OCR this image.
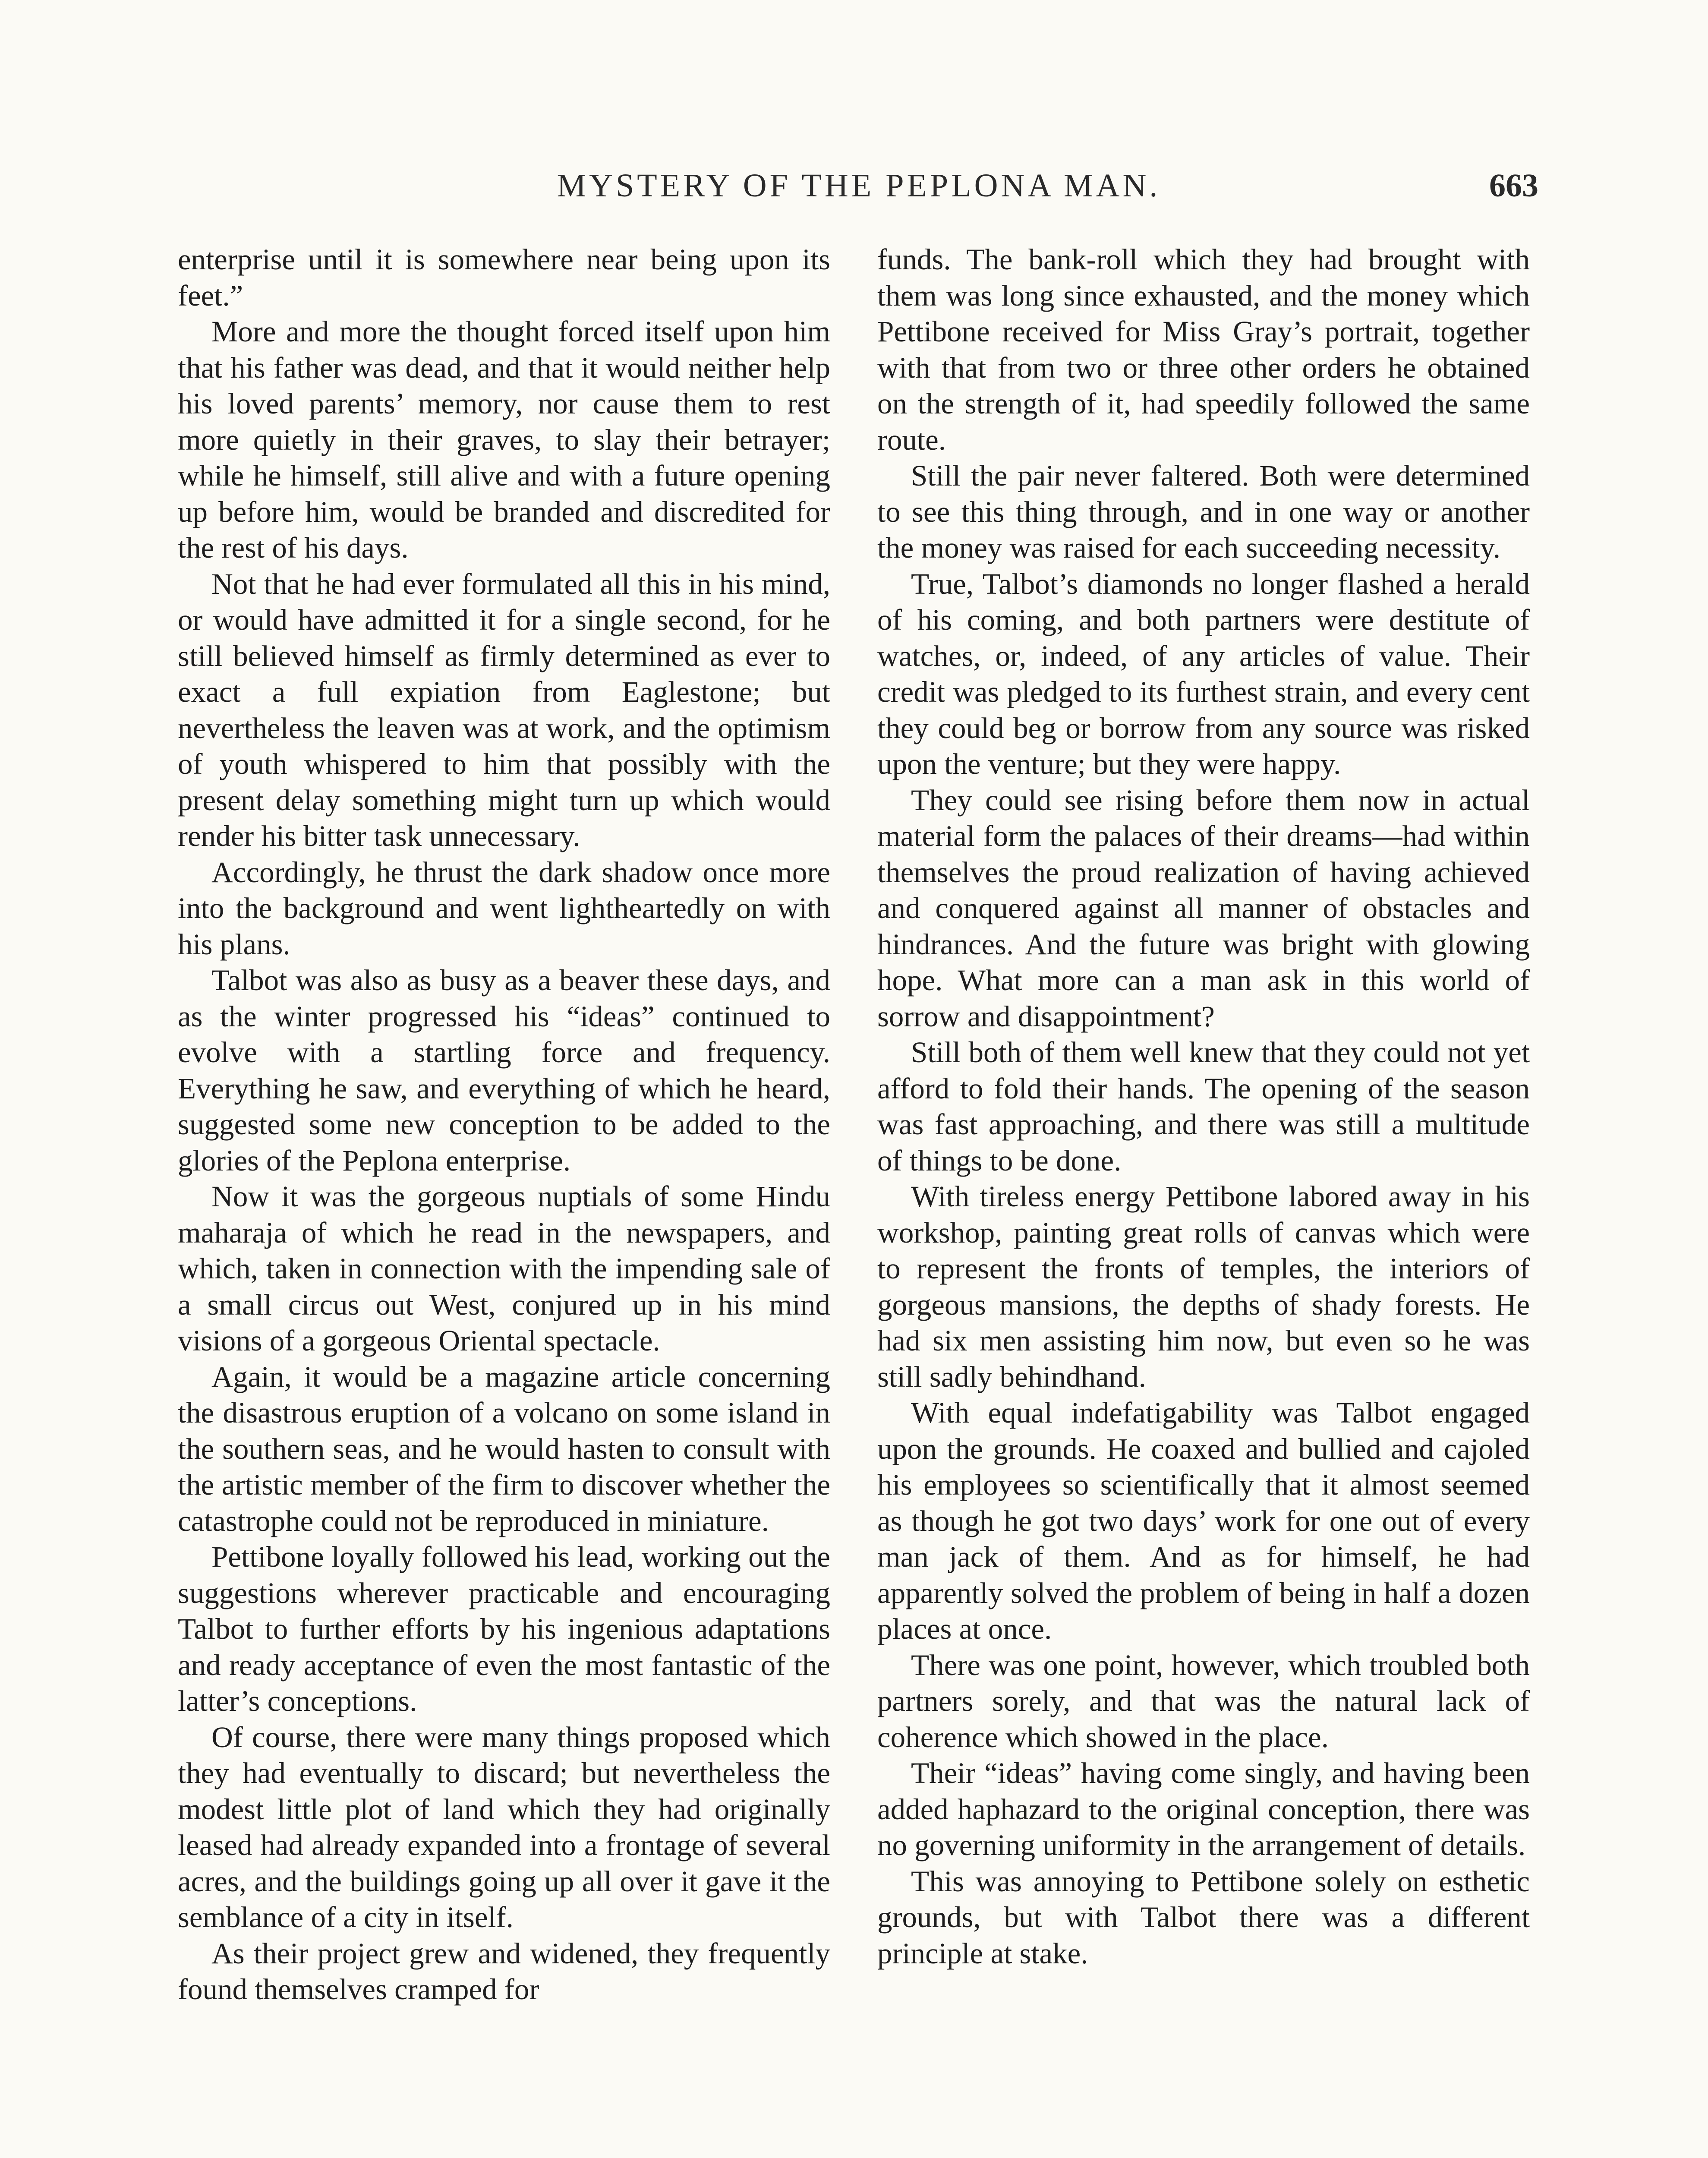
MYSTERY OF THE PEPLONA MAN.	663

enterprise until it is somewhere near being upon its feet.”

More and more the thought forced itself upon him that his father was dead, and that it would neither help his loved parents’ memory, nor cause them to rest more quietly in their graves, to slay their betrayer; while he himself, still alive and with a future opening up before him, would be branded and discredited for the rest of his days.

Not that he had ever formulated all this in his mind, or would have admitted it for a single second, for he still believed himself as firmly determined as ever to exact a full expiation from Eaglestone; but nevertheless the leaven was at work, and the optimism of youth whispered to him that possibly with the present delay something might turn up which would render his bitter task unnecessary.

Accordingly, he thrust the dark shadow once more into the background and went lightheartedly on with his plans.

Talbot was also as busy as a beaver these days, and as the winter progressed his “ideas” continued to evolve with a startling force and frequency. Everything he saw, and everything of which he heard, suggested some new conception to be added to the glories of the Peplona enterprise.

Now it was the gorgeous nuptials of some Hindu maharaja of which he read in the newspapers, and which, taken in connection with the impending sale of a small circus out West, conjured up in his mind visions of a gorgeous Oriental spectacle.

Again, it would be a magazine article concerning the disastrous eruption of a volcano on some island in the southern seas, and he would hasten to consult with the artistic member of the firm to discover whether the catastrophe could not be reproduced in miniature.

Pettibone loyally followed his lead, working out the suggestions wherever practicable and encouraging Talbot to further efforts by his ingenious adaptations and ready acceptance of even the most fantastic of the latter’s conceptions.

Of course, there were many things proposed which they had eventually to discard; but nevertheless the modest little plot of land which they had originally leased had already expanded into a frontage of several acres, and the buildings going up all over it gave it the semblance of a city in itself.

As their project grew and widened, they frequently found themselves cramped for

funds. The bank-roll which they had brought with them was long since exhausted, and the money which Pettibone received for Miss Gray’s portrait, together with that from two or three other orders he obtained on the strength of it, had speedily followed the same route.

Still the pair never faltered. Both were determined to see this thing through, and in one way or another the money was raised for each succeeding necessity.

True, Talbot’s diamonds no longer flashed a herald of his coming, and both partners were destitute of watches, or, indeed, of any articles of value. Their credit was pledged to its furthest strain, and every cent they could beg or borrow from any source was risked upon the venture; but they were happy.

They could see rising before them now in actual material form the palaces of their dreams—had within themselves the proud realization of having achieved and conquered against all manner of obstacles and hindrances. And the future was bright with glowing hope. What more can a man ask in this world of sorrow and disappointment?

Still both of them well knew that they could not yet afford to fold their hands. The opening of the season was fast approaching, and there was still a multitude of things to be done.

With tireless energy Pettibone labored away in his workshop, painting great rolls of canvas which were to represent the fronts of temples, the interiors of gorgeous mansions, the depths of shady forests. He had six men assisting him now, but even so he was still sadly behindhand.

With equal indefatigability was Talbot engaged upon the grounds. He coaxed and bullied and cajoled his employees so scientifically that it almost seemed as though he got two days’ work for one out of every man jack of them. And as for himself, he had apparently solved the problem of being in half a dozen places at once.

There was one point, however, which troubled both partners sorely, and that was the natural lack of coherence which showed in the place.

Their “ideas” having come singly, and having been added haphazard to the original conception, there was no governing uniformity in the arrangement of details.

This was annoying to Pettibone solely on esthetic grounds, but with Talbot there was a different principle at stake.
